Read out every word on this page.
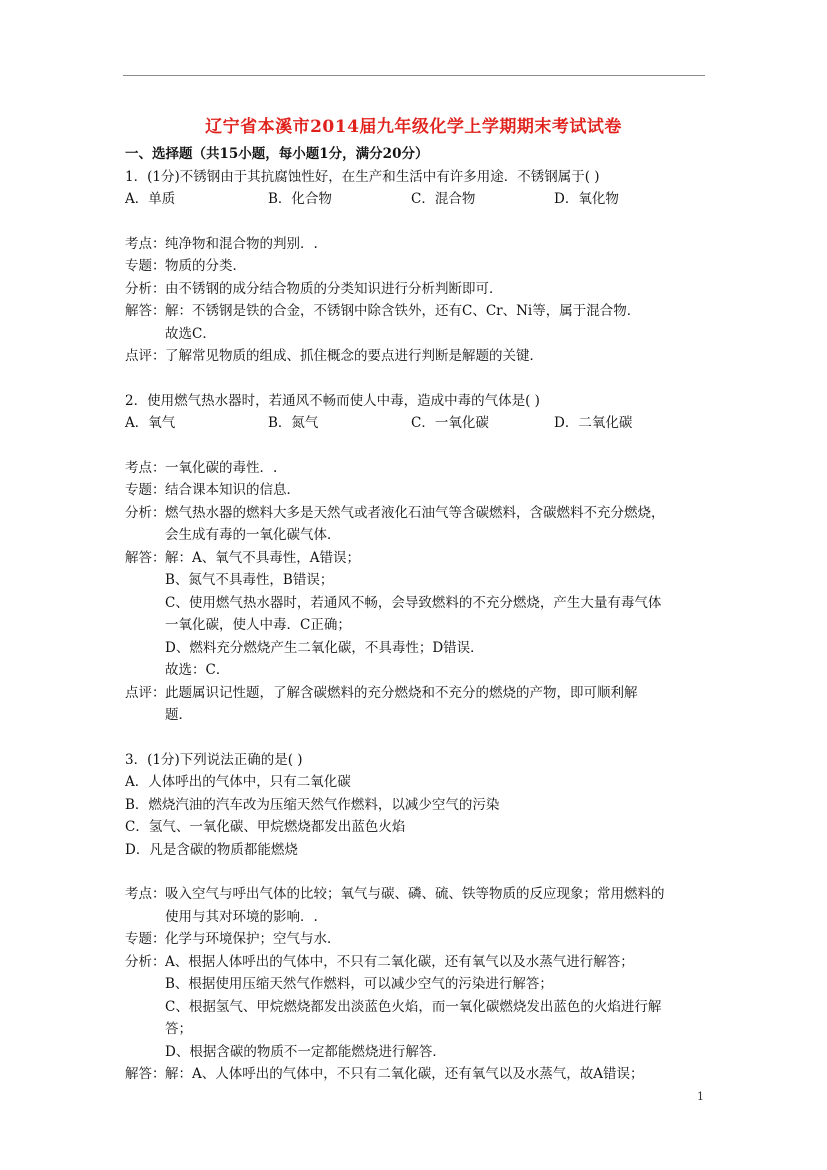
辽宁省本溪市2014届九年级化学上学期期末考试试卷
一、选择题（共15小题，每小题1分，满分20分）
1．(1分)不锈钢由于其抗腐蚀性好，在生产和生活中有许多用途．不锈钢属于( )
A．单质	B．化合物	C．混合物	D．氧化物
考点： 纯净物和混合物的判别．.
专题： 物质的分类．
分析： 由不锈钢的成分结合物质的分类知识进行分析判断即可．
解答： 解：不锈钢是铁的合金，不锈钢中除含铁外，还有C、Cr、Ni等，属于混合物．
故选C．
点评： 了解常见物质的组成、抓住概念的要点进行判断是解题的关键．
2．使用燃气热水器时，若通风不畅而使人中毒，造成中毒的气体是( )
A．氧气	B．氮气	C．一氧化碳	D．二氧化碳
考点： 一氧化碳的毒性．.
专题： 结合课本知识的信息．
分析： 燃气热水器的燃料大多是天然气或者液化石油气等含碳燃料，含碳燃料不充分燃烧，
会生成有毒的一氧化碳气体．
解答： 解：A、氧气不具毒性，A错误；
B、氮气不具毒性，B错误；
C、使用燃气热水器时，若通风不畅，会导致燃料的不充分燃烧，产生大量有毒气体
一氧化碳，使人中毒．C正确；
D、燃料充分燃烧产生二氧化碳，不具毒性；D错误．
故选：C．
点评： 此题属识记性题，了解含碳燃料的充分燃烧和不充分的燃烧的产物，即可顺利解
题．
3．(1分)下列说法正确的是( )
A．人体呼出的气体中，只有二氧化碳
B．燃烧汽油的汽车改为压缩天然气作燃料，以减少空气的污染
C．氢气、一氧化碳、甲烷燃烧都发出蓝色火焰
D．凡是含碳的物质都能燃烧
考点： 吸入空气与呼出气体的比较；氧气与碳、磷、硫、铁等物质的反应现象；常用燃料的
使用与其对环境的影响．.
专题： 化学与环境保护；空气与水．
分析： A、根据人体呼出的气体中，不只有二氧化碳，还有氧气以及水蒸气进行解答；
B、根据使用压缩天然气作燃料，可以减少空气的污染进行解答；
C、根据氢气、甲烷燃烧都发出淡蓝色火焰，而一氧化碳燃烧发出蓝色的火焰进行解
答；
D、根据含碳的物质不一定都能燃烧进行解答．
解答： 解：A、人体呼出的气体中，不只有二氧化碳，还有氧气以及水蒸气，故A错误；
1
